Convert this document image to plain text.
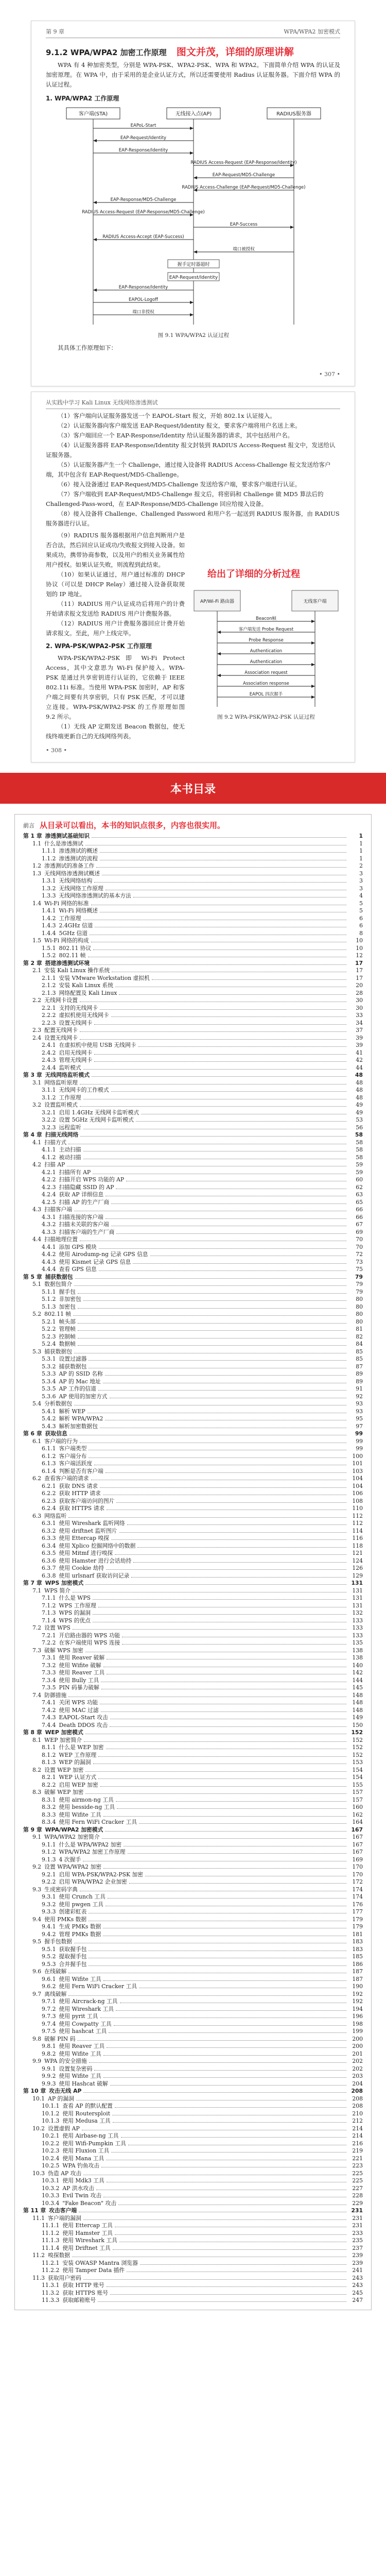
第 9 章	WPA/WPA2 加密模式
9.1.2 WPA/WPA2 加密工作原理 图文并茂，详细的原理讲解

WPA 有 4 种加密类型，分别是 WPA-PSK、WPA2-PSK、WPA 和 WPA2。下面简单介绍 WPA 的认证及加密原理。在 WPA 中，由于采用的是企业认证方式，所以还需要使用 Radius 认证服务器。下面介绍 WPA 的认证过程。

1. WPA/WPA2 工作原理
客户端(STA)	无线接入点(AP)	RADIUS服务器
EAPoL-Start
EAP-Request/Identity
EAP-Response/Identity
RADIUS Access-Request (EAP-Response/Identity)
EAP-Request/MD5-Challenge
RADIUS Access-Challenge (EAP-Request/MD5-Challenge)
EAP-Response/MD5-Challenge
RADIUS Access-Request (EAP-Response/MD5-Challenge)
EAP-Success
RADIUS Access-Accept (EAP-Success)
端口被授权
握手定时器超时
EAP-Request/Identity
EAP-Response/Identity
EAPOL-Logoff
端口非授权
图 9.1 WPA/WPA2 认证过程

其具体工作原理如下：

• 307 •
从实践中学习 Kali Linux 无线网络渗透测试
（1）客户端向认证服务器发送一个 EAPOL-Start 报文，开始 802.1x 认证接入。
（2）认证服务器向客户端发送 EAP-Request/Identity 报文，要求客户端将用户名送上来。
（3）客户端回应一个 EAP-Response/Identity 给认证服务器的请求，其中包括用户名。
（4）认证服务器将 EAP-Response/Identity 报文封装到 RADIUS Access-Request 报文中，发送给认证服务器。
（5）认证服务器产生一个 Challenge，通过接入设备将 RADIUS Access-Challenge 报文发送给客户端，其中包含有 EAP-Request/MD5-Challenge。
（6）接入设备通过 EAP-Request/MD5-Challenge 发送给客户端，要求客户端进行认证。
（7）客户端收到 EAP-Request/MD5-Challenge 报文后，将密码和 Challenge 做 MD5 算法后的 Challenged-Pass-word，在 EAP-Response/MD5-Challenge 回应给接入设备。
（8）接入设备将 Challenge、Challenged Password 和用户名一起送到 RADIUS 服务器，由 RADIUS 服务器进行认证。

（9）RADIUS 服务器根据用户信息判断用户是否合法，然后回应认证成功/失败报文到接入设备。如果成功，携带协商参数，以及用户的相关业务属性给用户授权。如果认证失败，则流程到此结束。

（10）如果认证通过，用户通过标准的 DHCP 协议（可以是 DHCP Relay）通过接入设备获取规划的 IP 地址。

（11）RADIUS 用户认证成功后将用户的计费开始请求报文发送给 RADIUS 用户计费服务器。

（12）RADIUS 用户计费服务器回应计费开始请求报文。至此，用户上线完毕。

2. WPA-PSK/WPA2-PSK 工作原理

WPA-PSK/WPA2-PSK 即 Wi-Fi Protect Access，其中文意思为 Wi-Fi 保护接入。WPA-PSK 是通过共享密钥进行认证的，它依赖于 IEEE 802.11i 标准。当使用 WPA-PSK 加密时，AP 和客户端之间要有共享密钥，只有 PSK 匹配，才可以建立连接。WPA-PSK/WPA2-PSK 的工作原理如图 9.2 所示。

（1）无线 AP 定期发送 Beacon 数据包，使无线终端更新自己的无线网络列表。

给出了详细的分析过程
AP/Wi-Fi 路由器	无线客户端
Beacon帧
客户端发送 Probe Request
Probe Response
Authentication
Authentication
Association request
Association response
EAPOL 四次握手
图 9.2 WPA-PSK/WPA2-PSK 认证过程
• 308 •
本书目录
前言 从目录可以看出，本书的知识点很多，内容也很实用。
第 1 章 渗透测试基础知识	1
1.1 什么是渗透测试	1
1.1.1 渗透测试的概述	1
1.1.2 渗透测试的流程	1
1.2 渗透测试的准备工作	2
1.3 无线网络渗透测试概述	3
1.3.1 无线网络结构	3
1.3.2 无线网络工作原理	3
1.3.3 无线网络渗透测试的基本方法	4
1.4 Wi-Fi 网络的标准	5
1.4.1 Wi-Fi 网络概述	5
1.4.2 工作原理	6
1.4.3 2.4GHz 信道	6
1.4.4 5GHz 信道	8
1.5 Wi-Fi 网络的构成	10
1.5.1 802.11 协议	10
1.5.2 802.11 帧	12
第 2 章 搭建渗透测试环境	17
2.1 安装 Kali Linux 操作系统	17
2.1.1 安装 VMware Workstation 虚拟机	17
2.1.2 安装 Kali Linux 系统	20
2.1.3 网络配置及 Kali Linux	28
2.2 无线网卡设置	30
2.2.1 支持的无线网卡	30
2.2.2 虚拟机使用无线网卡	33
2.2.3 设置无线网卡	34
2.3 配置无线网卡	37
2.4 设置无线网卡	39
2.4.1 在虚拟机中使用 USB 无线网卡	39
2.4.2 启用无线网卡	41
2.4.3 管理无线网卡	42
2.4.4 监听模式	44
第 3 章 无线网络监听模式	48
3.1 网络监听原理	48
3.1.1 无线网卡的工作模式	48
3.1.2 工作原理	48
3.2 设置监听模式	49
3.2.1 启用 1.4GHz 无线网卡监听模式	49
3.2.2 设置 5GHz 无线网卡监听模式	53
3.2.3 远程监听	56
第 4 章 扫描无线网络	58
4.1 扫描方式	58
4.1.1 主动扫描	58
4.1.2 被动扫描	58
4.2 扫描 AP	59
4.2.1 扫描所有 AP	59
4.2.2 扫描开启 WPS 功能的 AP	60
4.2.3 扫描隐藏 SSID 的 AP	62
4.2.4 获取 AP 详细信息	63
4.2.5 扫描 AP 的生产厂商	65
4.3 扫描客户端	66
4.3.1 扫描连接的客户端	66
4.3.2 扫描未关联的客户端	67
4.3.3 扫描客户端的生产厂商	69
4.4 扫描地理位置	70
4.4.1 添加 GPS 模块	70
4.4.2 使用 Airodump-ng 记录 GPS 信息	72
4.4.3 使用 Kismet 记录 GPS 信息	73
4.4.4 查看 GPS 信息	75
第 5 章 捕获数据包	79
5.1 数据包简介	79
5.1.1 握手包	79
5.1.2 非加密包	80
5.1.3 加密包	80
5.2 802.11 帧	80
5.2.1 帧头部	80
5.2.2 管理帧	81
5.2.3 控制帧	82
5.2.4 数据帧	84
5.3 捕获数据包	85
5.3.1 设置过滤器	85
5.3.2 捕获数据包	87
5.3.3 AP 的 SSID 名称	89
5.3.4 AP 的 Mac 地址	89
5.3.5 AP 工作的信道	91
5.3.6 AP 使用的加密方式	92
5.4 分析数据包	93
5.4.1 解析 WEP	93
5.4.2 解析 WPA/WPA2	95
5.4.3 解析加密数据包	97
第 6 章 获取信息	99
6.1 客户端的行为	99
6.1.1 客户端类型	99
6.1.2 客户端分布	100
6.1.3 客户端活跃度	101
6.1.4 判断是否有客户端	103
6.2 查看客户端的请求	104
6.2.1 获取 DNS 请求	104
6.2.2 获取 HTTP 请求	106
6.2.3 获取客户端访问的图片	108
6.2.4 获取 HTTPS 请求	110
6.3 网络监听	112
6.3.1 使用 Wireshark 监听网络	112
6.3.2 使用 driftnet 监听图片	114
6.3.3 使用 Ettercap 嗅探	116
6.3.4 使用 Xplico 挖掘网络中的数据	118
6.3.5 使用 Mitmf 进行嗅探	121
6.3.6 使用 Hamster 进行会话劫持	124
6.3.7 使用 Cookie 劫持	126
6.3.8 使用 urlsnarf 获取访问记录	129
第 7 章 WPS 加密模式	131
7.1 WPS 简介	131
7.1.1 什么是 WPS	131
7.1.2 WPS 工作原理	131
7.1.3 WPS 的漏洞	132
7.1.4 WPS 的优点	133
7.2 设置 WPS	133
7.2.1 开启路由器的 WPS 功能	133
7.2.2 在客户端使用 WPS 连接	135
7.3 破解 WPS 加密	138
7.3.1 使用 Reaver 破解	138
7.3.2 使用 Wifite 破解	140
7.3.3 使用 Reaver 工具	142
7.3.4 使用 Bully 工具	144
7.3.5 PIN 码暴力破解	145
7.4 防御措施	148
7.4.1 关闭 WPS 功能	148
7.4.2 使用 MAC 过滤	148
7.4.3 EAPOL-Start 攻击	149
7.4.4 Death DDOS 攻击	150
第 8 章 WEP 加密模式	152
8.1 WEP 加密简介	152
8.1.1 什么是 WEP 加密	152
8.1.2 WEP 工作原理	152
8.1.3 WEP 的漏洞	153
8.2 设置 WEP 加密	154
8.2.1 WEP 认证方式	154
8.2.2 启用 WEP 加密	155
8.3 破解 WEP 加密	157
8.3.1 使用 airmon-ng 工具	157
8.3.2 使用 besside-ng 工具	160
8.3.3 使用 Wifite 工具	162
8.3.4 使用 Fern WiFi Cracker 工具	164
第 9 章 WPA/WPA2 加密模式	167
9.1 WPA/WPA2 加密简介	167
9.1.1 什么是 WPA/WPA2 加密	167
9.1.2 WPA/WPA2 加密工作原理	167
9.1.3 4 次握手	169
9.2 设置 WPA/WPA2 加密	170
9.2.1 启用 WPA-PSK/WPA2-PSK 加密	170
9.2.2 启用 WPA/WPA2 企业加密	172
9.3 生成密码字典	174
9.3.1 使用 Crunch 工具	174
9.3.2 使用 pwgen 工具	176
9.3.3 创建彩虹表	177
9.4 使用 PMKs 数据	179
9.4.1 生成 PMKs 数据	179
9.4.2 管理 PMKs 数据	181
9.5 握手包数据	183
9.5.1 获取握手包	183
9.5.2 提取握手包	185
9.5.3 合并握手包	186
9.6 在线破解	187
9.6.1 使用 Wifite 工具	187
9.6.2 使用 Fern WiFi Cracker 工具	190
9.7 离线破解	192
9.7.1 使用 Aircrack-ng 工具	192
9.7.2 使用 Wireshark 工具	194
9.7.3 使用 pyrit 工具	196
9.7.4 使用 Cowpatty 工具	198
9.7.5 使用 hashcat 工具	199
9.8 破解 PIN 码	200
9.8.1 使用 Reaver 工具	200
9.8.2 使用 Wifite 工具	201
9.9 WPA 的安全措施	202
9.9.1 设置复杂密码	202
9.9.2 使用 Wifite 工具	203
9.9.3 使用 Hashcat 破解	204
第 10 章 攻击无线 AP	208
10.1 AP 的漏洞	208
10.1.1 查看 AP 的默认配置	208
10.1.2 使用 Routersploit	210
10.1.3 使用 Medusa 工具	212
10.2 设置虚假 AP	214
10.2.1 使用 Airbase-ng 工具	214
10.2.2 使用 Wifi-Pumpkin 工具	216
10.2.3 使用 Fluxion 工具	219
10.2.4 使用 Mana 工具	221
10.2.5 WPA 钓鱼攻击	223
10.3 伪造 AP 攻击	225
10.3.1 使用 Mdk3 工具	225
10.3.2 AP 洪水攻击	227
10.3.3 Evil Twin 攻击	228
10.3.4 "Fake Beacon" 攻击	229
第 11 章 攻击客户端	231
11.1 客户端的漏洞	231
11.1.1 使用 Ettercap 工具	231
11.1.2 使用 Hamster 工具	233
11.1.3 使用 Wireshark 工具	235
11.1.4 使用 Driftnet 工具	237
11.2 嗅探数据	239
11.2.1 安装 OWASP Mantra 浏览器	239
11.2.2 使用 Tamper Data 插件	241
11.3 获取用户密码	243
11.3.1 获取 HTTP 账号	243
11.3.2 获取 HTTPS 账号	245
11.3.3 获取邮箱账号	247
